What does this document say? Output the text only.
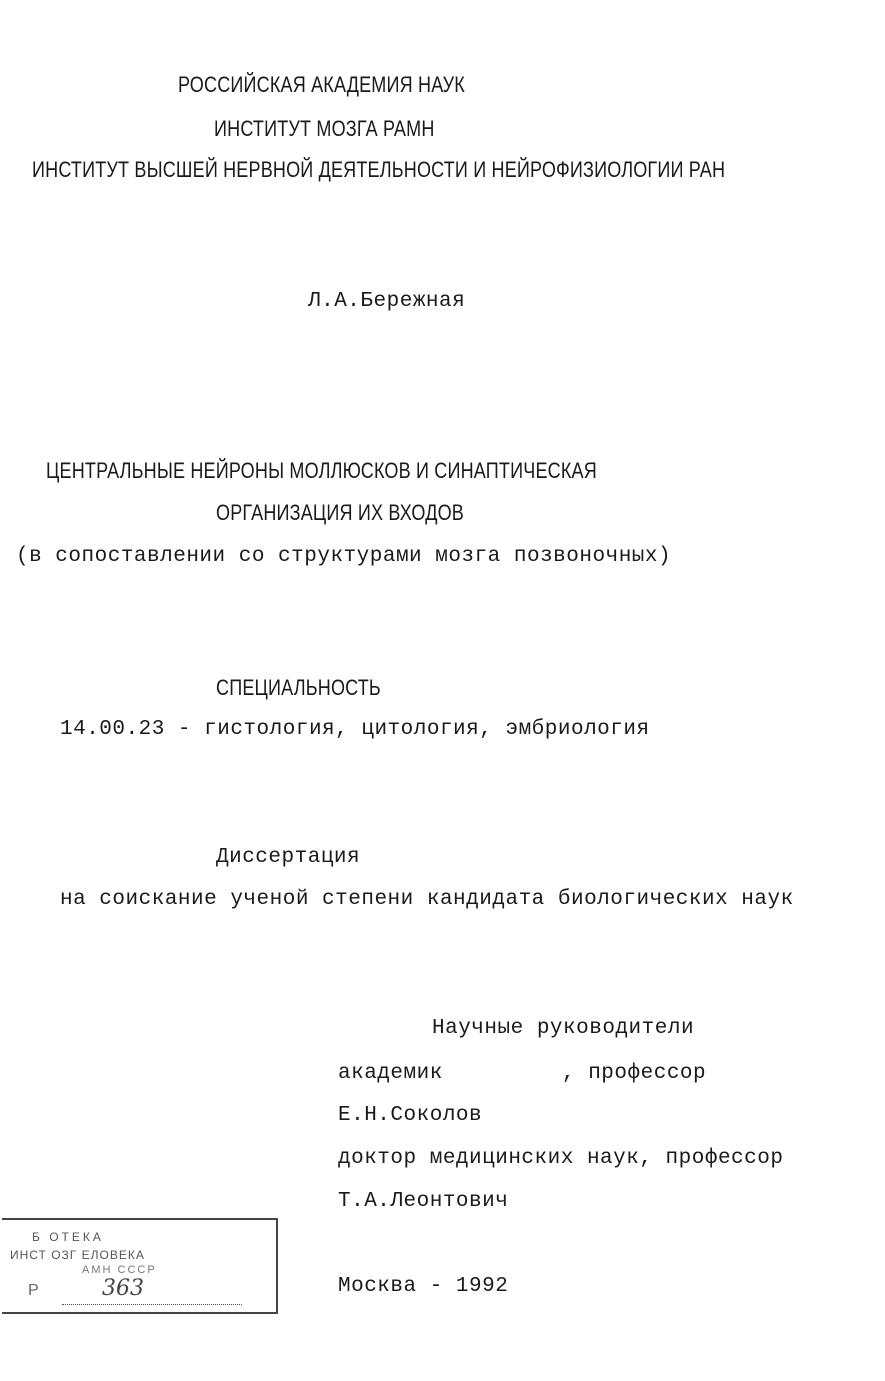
РОССИЙСКАЯ АКАДЕМИЯ НАУК
ИНСТИТУТ МОЗГА РАМН
ИНСТИТУТ ВЫСШЕЙ НЕРВНОЙ ДЕЯТЕЛЬНОСТИ И НЕЙРОФИЗИОЛОГИИ РАН
Л.А.Бережная
ЦЕНТРАЛЬНЫЕ НЕЙРОНЫ МОЛЛЮСКОВ И СИНАПТИЧЕСКАЯ
ОРГАНИЗАЦИЯ ИХ ВХОДОВ
(в сопоставлении со структурами мозга позвоночных)
СПЕЦИАЛЬНОСТЬ
14.00.23 - гистология, цитология, эмбриология
Диссертация
на соискание ученой степени кандидата биологических наук
Научные руководители
академик	, профессор
Е.Н.Соколов
доктор медицинских наук, профессор
Т.А.Леонтович
Москва - 1992
Б ОТЕКА
ИНСТ ОЗГ ЕЛОВЕКА
АМН СССР
Р	363
